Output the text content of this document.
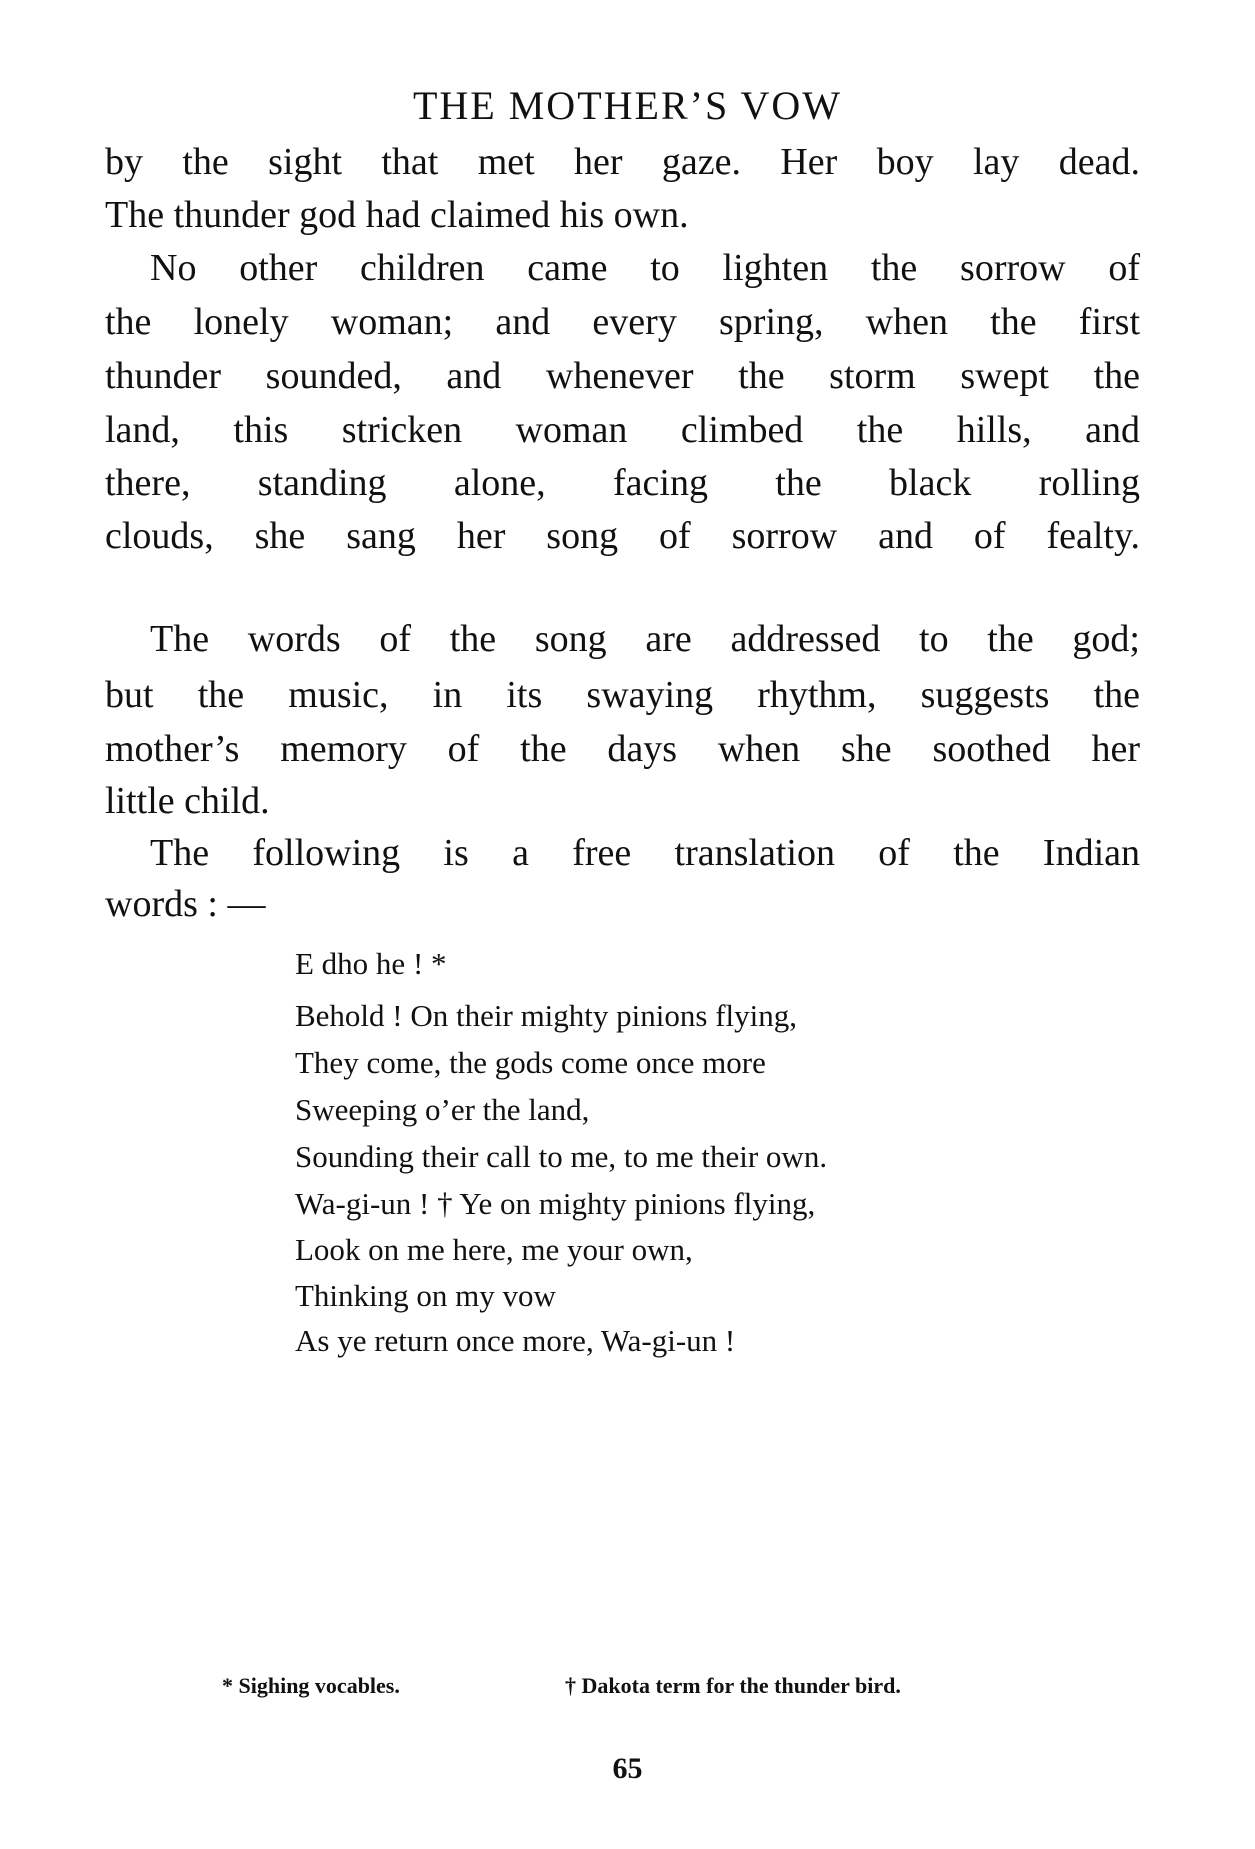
THE MOTHER’S VOW
by the sight that met her gaze. Her boy lay dead.
The thunder god had claimed his own.
No other children came to lighten the sorrow of
the lonely woman; and every spring, when the first
thunder sounded, and whenever the storm swept the
land, this stricken woman climbed the hills, and
there, standing alone, facing the black rolling
clouds, she sang her song of sorrow and of fealty.
The words of the song are addressed to the god;
but the music, in its swaying rhythm, suggests the
mother’s memory of the days when she soothed her
little child.
The following is a free translation of the Indian
words : —
E dho he ! *
Behold ! On their mighty pinions flying,
They come, the gods come once more
Sweeping o’er the land,
Sounding their call to me, to me their own.
Wa-gi-un ! † Ye on mighty pinions flying,
Look on me here, me your own,
Thinking on my vow
As ye return once more, Wa-gi-un !
* Sighing vocables.	† Dakota term for the thunder bird.
65
